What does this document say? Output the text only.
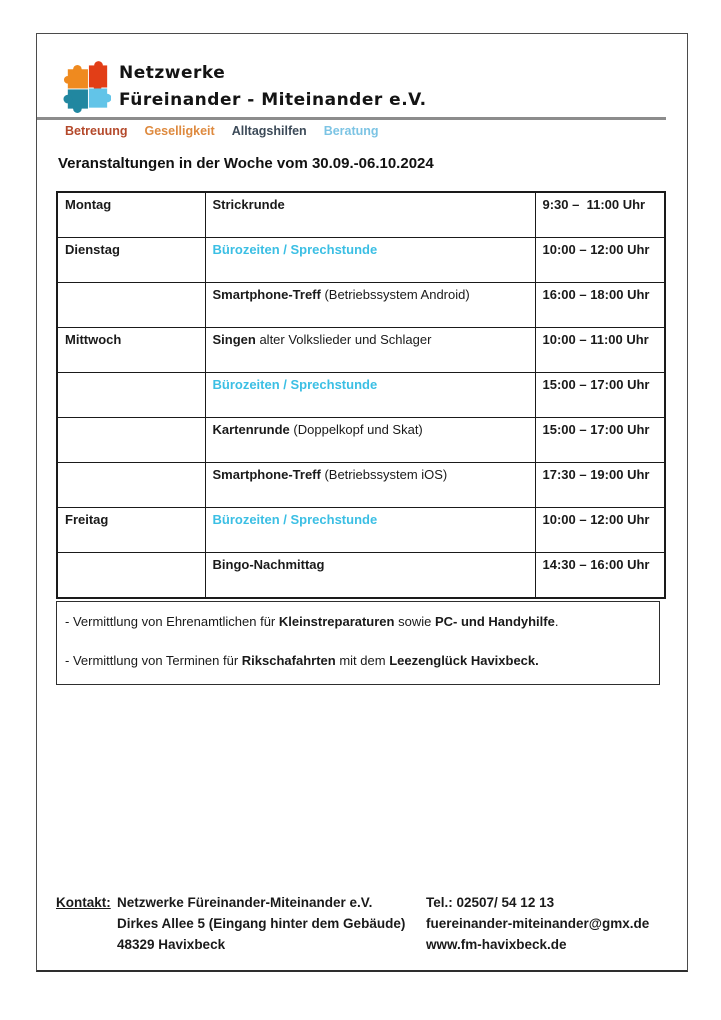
Netzwerke
Füreinander - Miteinander e.V.
Betreuung Geselligkeit Alltagshilfen Beratung
Veranstaltungen in der Woche vom 30.09.-06.10.2024
Montag	Strickrunde	9:30 –  11:00 Uhr
Dienstag	Bürozeiten / Sprechstunde	10:00 – 12:00 Uhr
	Smartphone-Treff (Betriebssystem Android)	16:00 – 18:00 Uhr
Mittwoch	Singen alter Volkslieder und Schlager	10:00 – 11:00 Uhr
	Bürozeiten / Sprechstunde	15:00 – 17:00 Uhr
	Kartenrunde (Doppelkopf und Skat)	15:00 – 17:00 Uhr
	Smartphone-Treff (Betriebssystem iOS)	17:30 – 19:00 Uhr
Freitag	Bürozeiten / Sprechstunde	10:00 – 12:00 Uhr
	Bingo-Nachmittag	14:30 – 16:00 Uhr

- Vermittlung von Ehrenamtlichen für Kleinstreparaturen sowie PC- und Handyhilfe.

- Vermittlung von Terminen für Rikschafahrten mit dem Leezenglück Havixbeck.

Kontakt: Netzwerke Füreinander-Miteinander e.V.
Dirkes Allee 5 (Eingang hinter dem Gebäude)
48329 Havixbeck
Tel.: 02507/ 54 12 13
fuereinander-miteinander@gmx.de
www.fm-havixbeck.de
